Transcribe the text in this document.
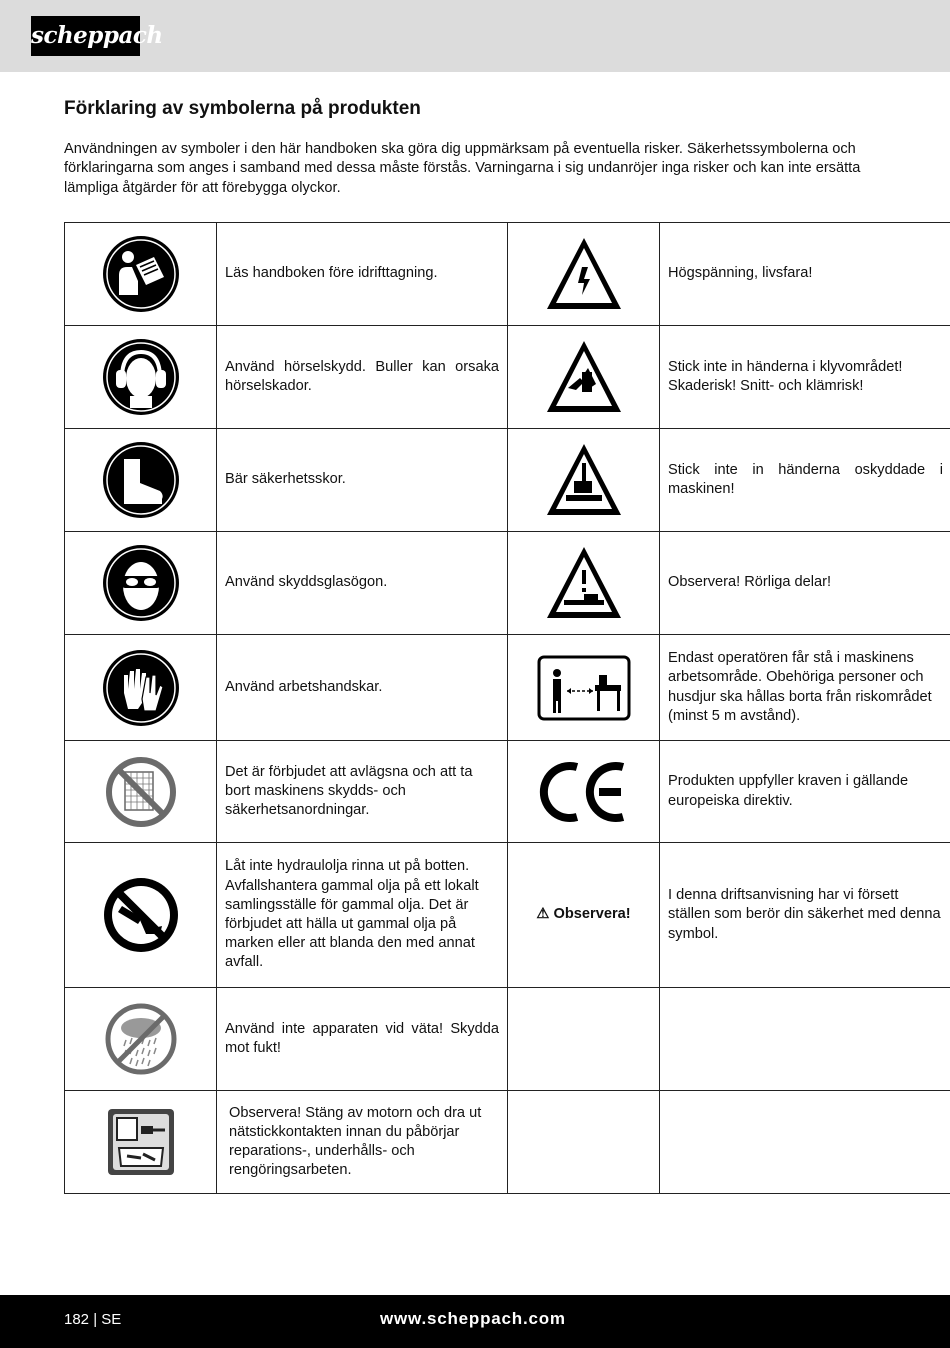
scheppach
Förklaring av symbolerna på produkten

Användningen av symboler i den här handboken ska göra dig uppmärksam på eventuella risker. Säkerhetssymbolerna och förklaringarna som anges i samband med dessa måste förstås. Varningarna i sig undanröjer inga risker och kan inte ersätta lämpliga åtgärder för att förebygga olyckor.

	Läs handboken före idrifttagning.		Högspänning, livsfara!

	Använd hörselskydd. Buller kan orsaka hörselskador.		Stick inte in händerna i klyvområdet!
Skaderisk! Snitt- och klämrisk!

	Bär säkerhetsskor.		Stick inte in händerna oskyddade i maskinen!

	Använd skyddsglasögon.		Observera! Rörliga delar!

	Använd arbetshandskar.		Endast operatören får stå i maskinens arbetsområde. Obehöriga personer och husdjur ska hållas borta från riskområdet (minst 5 m avstånd).

	Det är förbjudet att avlägsna och att ta bort maskinens skydds- och säkerhetsanordningar.		Produkten uppfyller kraven i gällande europeiska direktiv.

	Låt inte hydraulolja rinna ut på botten.
Avfallshantera gammal olja på ett lokalt samlingsställe för gammal olja. Det är förbjudet att hälla ut gammal olja på marken eller att blanda den med annat avfall.	⚠ Observera!	I denna driftsanvisning har vi försett ställen som berör din säkerhet med denna symbol.

	Använd inte apparaten vid väta! Skydda mot fukt!		

	Observera! Stäng av motorn och dra ut nätstickkontakten innan du påbörjar reparations-, underhålls- och rengöringsarbeten.		
182 | SE	www.scheppach.com
